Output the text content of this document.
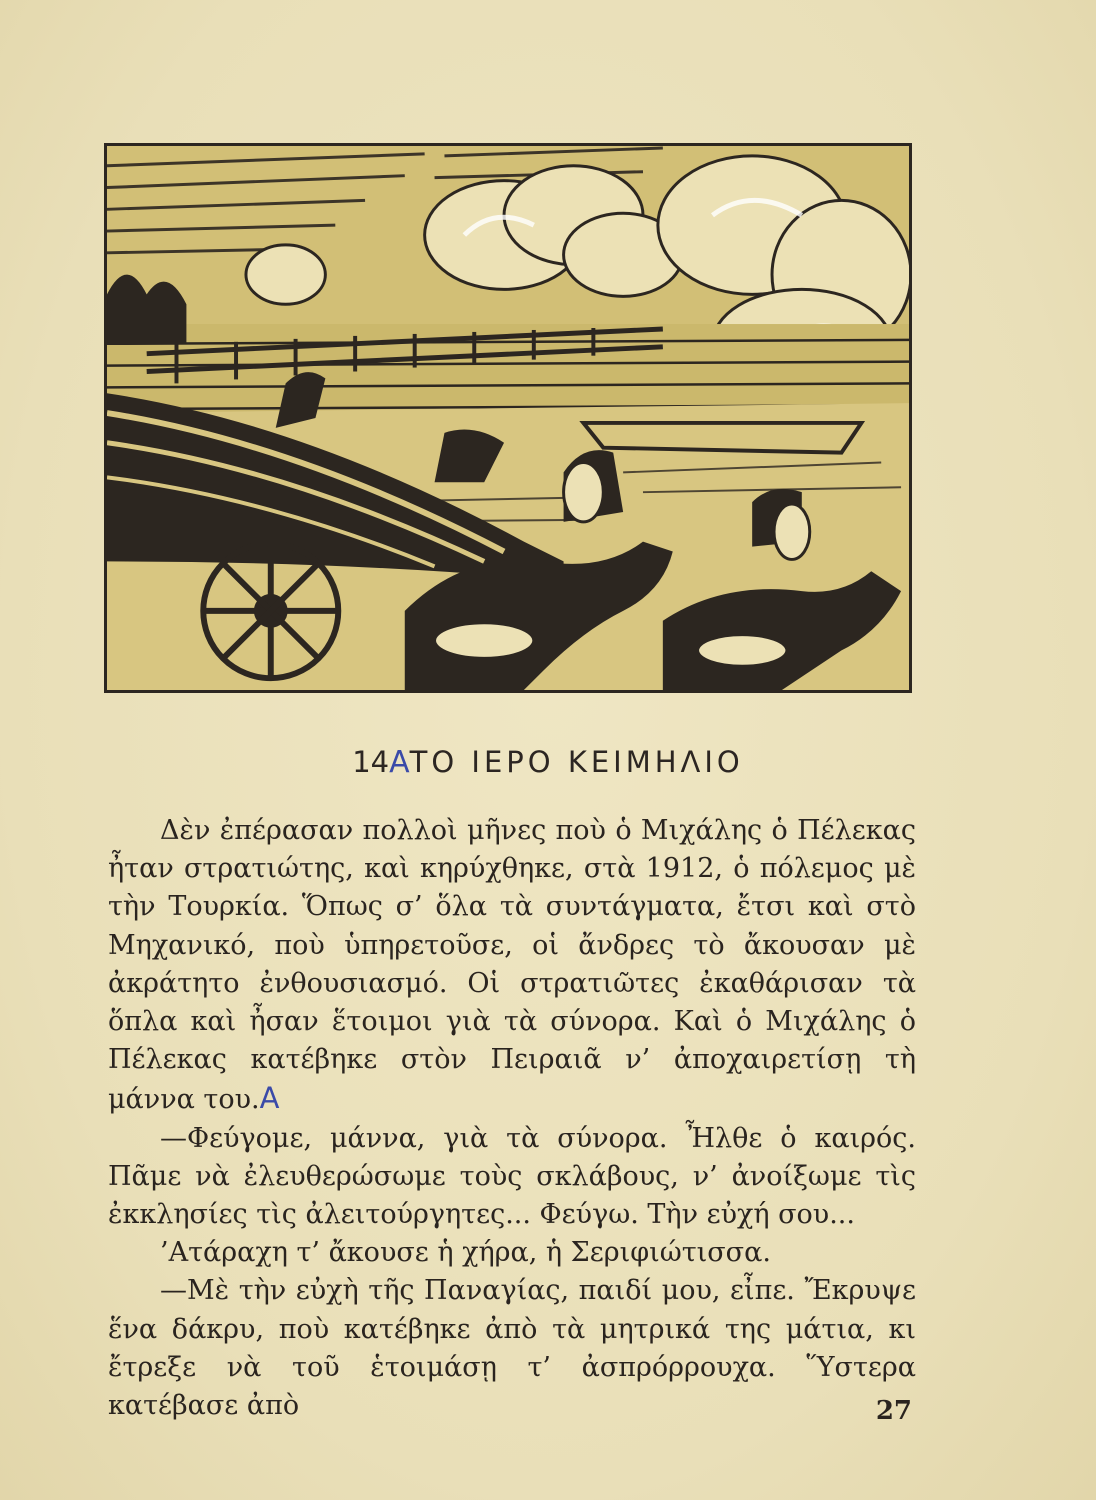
14AΤΟ ΙΕΡΟ ΚΕΙΜΗΛΙΟ

Δὲν ἐπέρασαν πολλοὶ μῆνες ποὺ ὁ Μιχάλης ὁ Πέλεκας ἦταν στρατιώτης, καὶ κηρύχθηκε, στὰ 1912, ὁ πόλεμος μὲ τὴν Τουρκία. Ὅπως σ’ ὅλα τὰ συντάγματα, ἔτσι καὶ στὸ Μηχανικό, ποὺ ὑπηρετοῦσε, οἱ ἄνδρες τὸ ἄκουσαν μὲ ἀκράτητο ἐνθουσιασμό. Οἱ στρατιῶτες ἐκαθάρισαν τὰ ὅπλα καὶ ἦσαν ἕτοιμοι γιὰ τὰ σύνορα. Καὶ ὁ Μιχάλης ὁ Πέλεκας κατέβηκε στὸν Πειραιᾶ ν’ ἀποχαιρετίσῃ τὴ μάννα του.A

—Φεύγομε, μάννα, γιὰ τὰ σύνορα. Ἦλθε ὁ καιρός. Πᾶμε νὰ ἐλευθερώσωμε τοὺς σκλάβους, ν’ ἀνοίξωμε τὶς ἐκκλησίες τὶς ἀλειτούργητες... Φεύγω. Τὴν εὐχή σου...

’Ατάραχη τ’ ἄκουσε ἡ χήρα, ἡ Σεριφιώτισσα.

—Μὲ τὴν εὐχὴ τῆς Παναγίας, παιδί μου, εἶπε. Ἔκρυψε ἕνα δάκρυ, ποὺ κατέβηκε ἀπὸ τὰ μητρικά της μάτια, κι ἔτρεξε νὰ τοῦ ἑτοιμάσῃ τ’ ἀσπρόρρουχα. Ὕστερα κατέβασε ἀπὸ	27
